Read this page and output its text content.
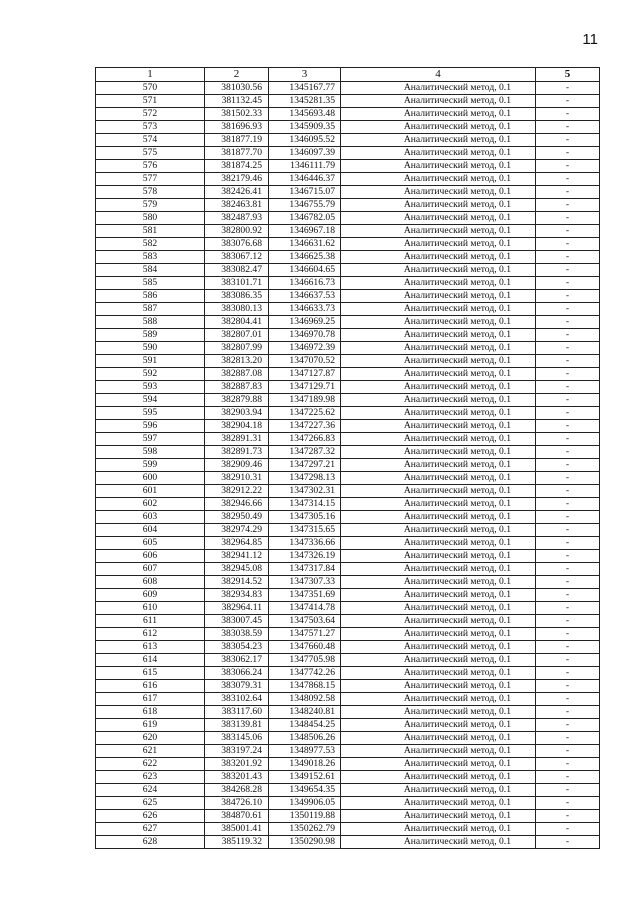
11
1	2	3	4	5
570	381030.56	1345167.77	Аналитический метод, 0.1	-
571	381132.45	1345281.35	Аналитический метод, 0.1	-
572	381502.33	1345693.48	Аналитический метод, 0.1	-
573	381696.93	1345909.35	Аналитический метод, 0.1	-
574	381877.19	1346095.52	Аналитический метод, 0.1	-
575	381877.70	1346097.39	Аналитический метод, 0.1	-
576	381874.25	1346111.79	Аналитический метод, 0.1	-
577	382179.46	1346446.37	Аналитический метод, 0.1	-
578	382426.41	1346715.07	Аналитический метод, 0.1	-
579	382463.81	1346755.79	Аналитический метод, 0.1	-
580	382487.93	1346782.05	Аналитический метод, 0.1	-
581	382800.92	1346967.18	Аналитический метод, 0.1	-
582	383076.68	1346631.62	Аналитический метод, 0.1	-
583	383067.12	1346625.38	Аналитический метод, 0.1	-
584	383082.47	1346604.65	Аналитический метод, 0.1	-
585	383101.71	1346616.73	Аналитический метод, 0.1	-
586	383086.35	1346637.53	Аналитический метод, 0.1	-
587	383080.13	1346633.73	Аналитический метод, 0.1	-
588	382804.41	1346969.25	Аналитический метод, 0.1	-
589	382807.01	1346970.78	Аналитический метод, 0.1	-
590	382807.99	1346972.39	Аналитический метод, 0.1	-
591	382813.20	1347070.52	Аналитический метод, 0.1	-
592	382887.08	1347127.87	Аналитический метод, 0.1	-
593	382887.83	1347129.71	Аналитический метод, 0.1	-
594	382879.88	1347189.98	Аналитический метод, 0.1	-
595	382903.94	1347225.62	Аналитический метод, 0.1	-
596	382904.18	1347227.36	Аналитический метод, 0.1	-
597	382891.31	1347266.83	Аналитический метод, 0.1	-
598	382891.73	1347287.32	Аналитический метод, 0.1	-
599	382909.46	1347297.21	Аналитический метод, 0.1	-
600	382910.31	1347298.13	Аналитический метод, 0.1	-
601	382912.22	1347302.31	Аналитический метод, 0.1	-
602	382946.66	1347314.15	Аналитический метод, 0.1	-
603	382950.49	1347305.16	Аналитический метод, 0.1	-
604	382974.29	1347315.65	Аналитический метод, 0.1	-
605	382964.85	1347336.66	Аналитический метод, 0.1	-
606	382941.12	1347326.19	Аналитический метод, 0.1	-
607	382945.08	1347317.84	Аналитический метод, 0.1	-
608	382914.52	1347307.33	Аналитический метод, 0.1	-
609	382934.83	1347351.69	Аналитический метод, 0.1	-
610	382964.11	1347414.78	Аналитический метод, 0.1	-
611	383007.45	1347503.64	Аналитический метод, 0.1	-
612	383038.59	1347571.27	Аналитический метод, 0.1	-
613	383054.23	1347660.48	Аналитический метод, 0.1	-
614	383062.17	1347705.98	Аналитический метод, 0.1	-
615	383066.24	1347742.26	Аналитический метод, 0.1	-
616	383079.31	1347868.15	Аналитический метод, 0.1	-
617	383102.64	1348092.58	Аналитический метод, 0.1	-
618	383117.60	1348240.81	Аналитический метод, 0.1	-
619	383139.81	1348454.25	Аналитический метод, 0.1	-
620	383145.06	1348506.26	Аналитический метод, 0.1	-
621	383197.24	1348977.53	Аналитический метод, 0.1	-
622	383201.92	1349018.26	Аналитический метод, 0.1	-
623	383201.43	1349152.61	Аналитический метод, 0.1	-
624	384268.28	1349654.35	Аналитический метод, 0.1	-
625	384726.10	1349906.05	Аналитический метод, 0.1	-
626	384870.61	1350119.88	Аналитический метод, 0.1	-
627	385001.41	1350262.79	Аналитический метод, 0.1	-
628	385119.32	1350290.98	Аналитический метод, 0.1	-
